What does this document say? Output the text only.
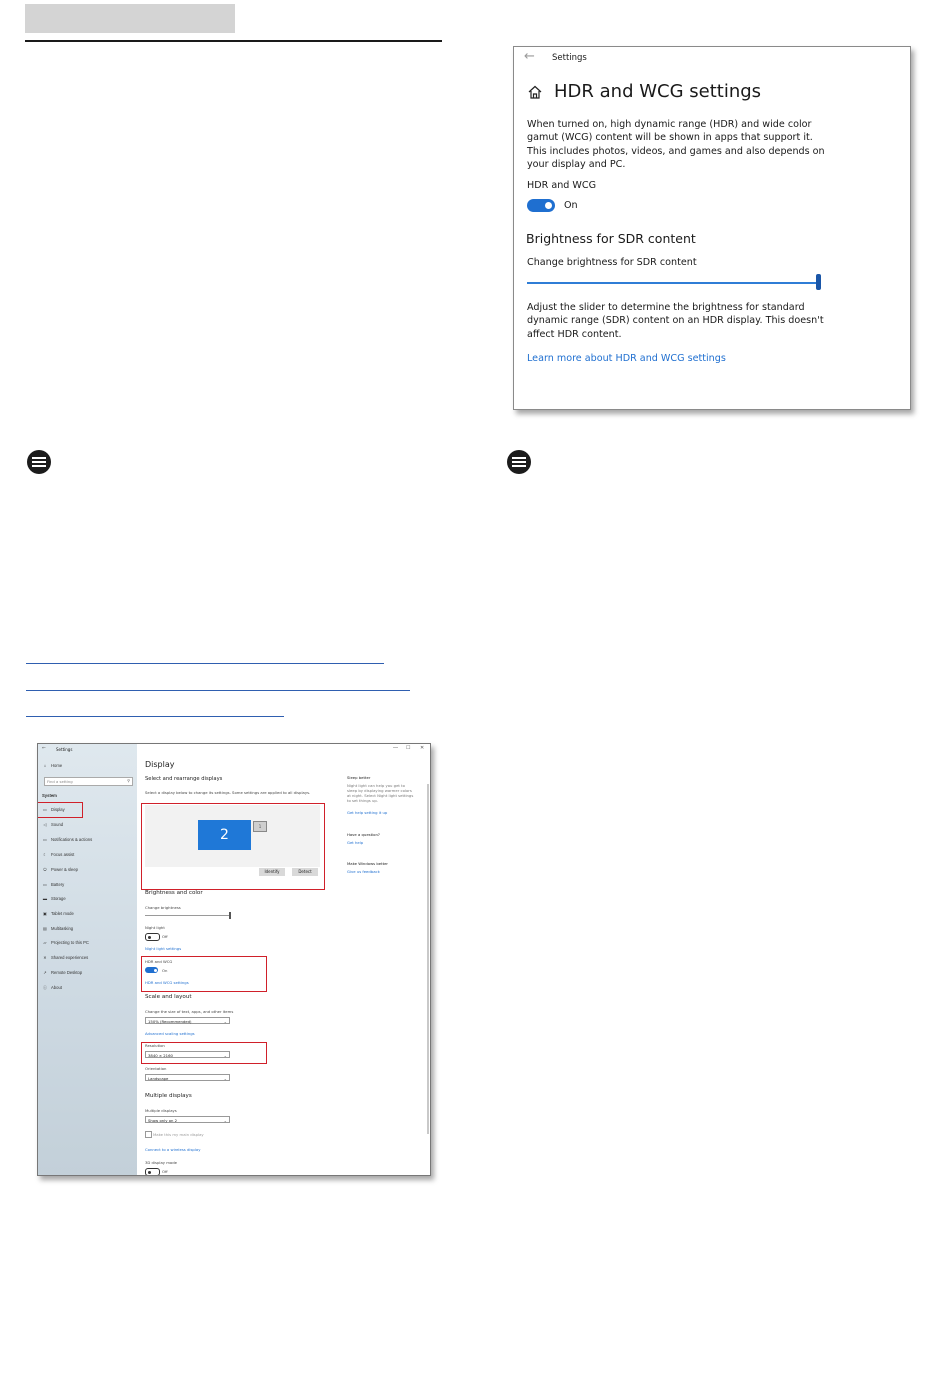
← Settings
HDR and WCG settings
When turned on, high dynamic range (HDR) and wide color gamut (WCG) content will be shown in apps that support it. This includes photos, videos, and games and also depends on your display and PC.
HDR and WCG
On
Brightness for SDR content
Change brightness for SDR content
Adjust the slider to determine the brightness for standard dynamic range (SDR) content on an HDR display. This doesn't affect HDR content.
Learn more about HDR and WCG settings
←	Settings
⌂ Home
Find a setting	⚲
System
▭ Display
◁ Sound
▭ Notifications & actions
☾ Focus assist
⏻ Power & sleep
▭ Battery
▬ Storage
▣ Tablet mode
▤ Multitasking
▱ Projecting to this PC
✕ Shared experiences
↗ Remote Desktop
ⓘ About
— ☐ ✕
Display
Select and rearrange displays
Select a display below to change its settings. Some settings are applied to all displays.
2
1
Identify	Detect
Brightness and color
Change brightness
Night light
Off
Night light settings
HDR and WCG
On
HDR and WCG settings
Scale and layout
Change the size of text, apps, and other items
150% (Recommended)	⌄
Advanced scaling settings
Resolution
3840 × 2160	⌄
Orientation
Landscape	⌄
Multiple displays
Multiple displays
Show only on 2	⌄
Make this my main display
Connect to a wireless display
3D display mode
Off
Sleep better
Night light can help you get to
sleep by displaying warmer colors
at night. Select Night light settings
to set things up.
Get help setting it up
Have a question?
Get help
Make Windows better
Give us feedback
